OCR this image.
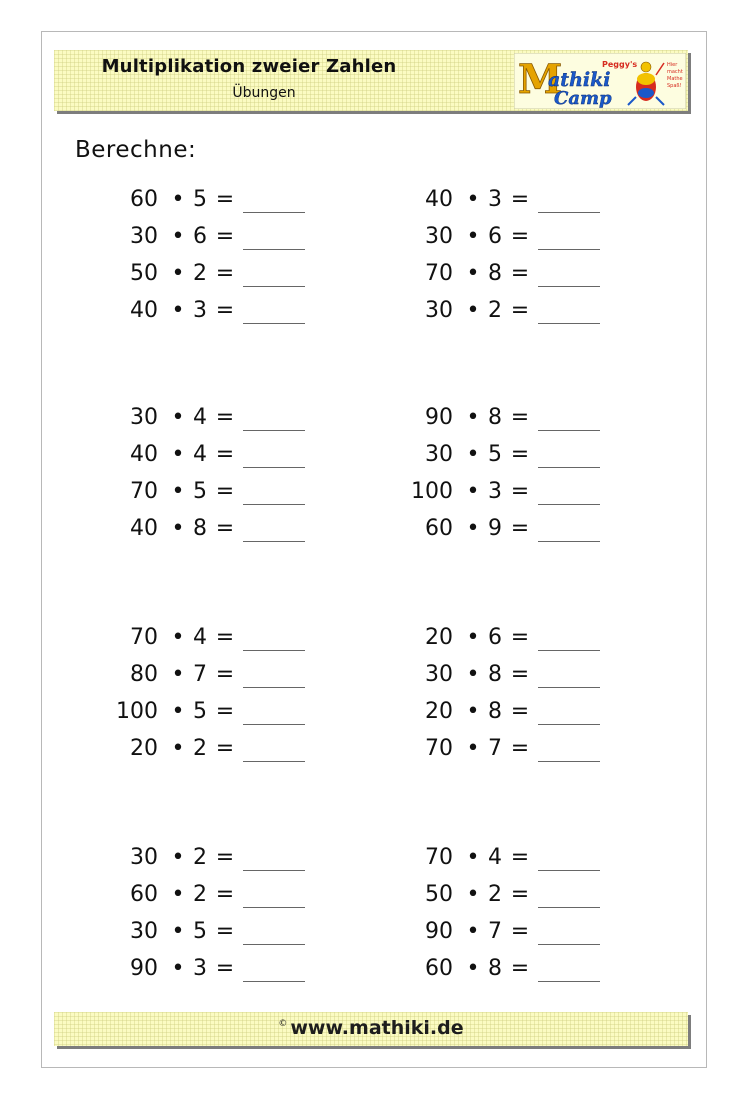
Multiplikation zweier Zahlen
Übungen	M
athiki
Camp
Peggy's	Hier
macht
Mathe
Spaß!
Berechne:
60 • 5 =
30 • 6 =
50 • 2 =
40 • 3 =
30 • 4 =
40 • 4 =
70 • 5 =
40 • 8 =
70 • 4 =
80 • 7 =
100 • 5 =
20 • 2 =
30 • 2 =
60 • 2 =
30 • 5 =
90 • 3 =
40 • 3 =
30 • 6 =
70 • 8 =
30 • 2 =
90 • 8 =
30 • 5 =
100 • 3 =
60 • 9 =
20 • 6 =
30 • 8 =
20 • 8 =
70 • 7 =
70 • 4 =
50 • 2 =
90 • 7 =
60 • 8 =
© www.mathiki.de
